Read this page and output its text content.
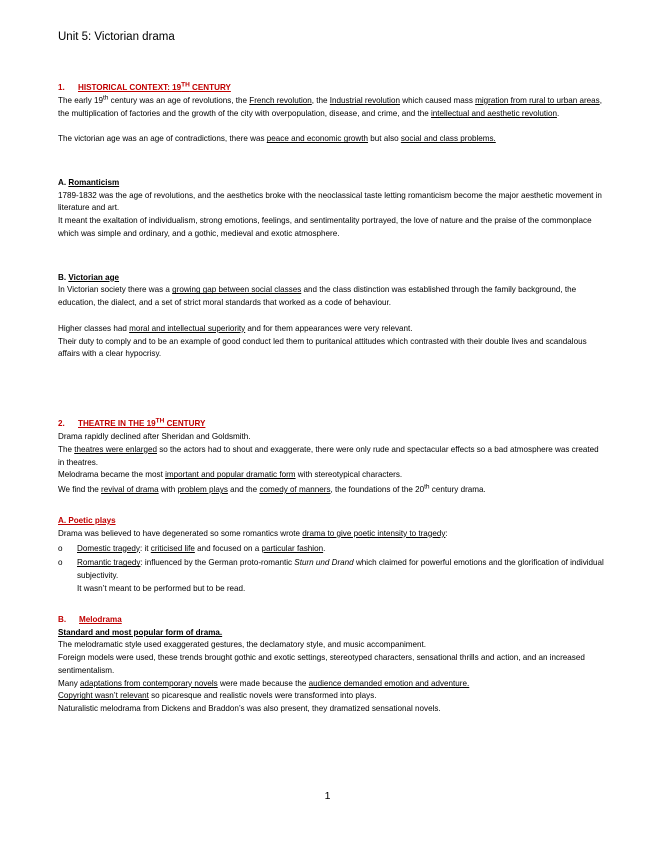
Unit 5: Victorian drama

1. HISTORICAL CONTEXT: 19TH CENTURY

The early 19th century was an age of revolutions, the French revolution, the Industrial revolution which caused mass migration from rural to urban areas, the multiplication of factories and the growth of the city with overpopulation, disease, and crime, and the intellectual and aesthetic revolution.

The victorian age was an age of contradictions, there was peace and economic growth but also social and class problems.

A. Romanticism

1789-1832 was the age of revolutions, and the aesthetics broke with the neoclassical taste letting romanticism become the major aesthetic movement in literature and art.

It meant the exaltation of individualism, strong emotions, feelings, and sentimentality portrayed, the love of nature and the praise of the commonplace which was simple and ordinary, and a gothic, medieval and exotic atmosphere.

B. Victorian age

In Victorian society there was a growing gap between social classes and the class distinction was established through the family background, the education, the dialect, and a set of strict moral standards that worked as a code of behaviour.

Higher classes had moral and intellectual superiority and for them appearances were very relevant.

Their duty to comply and to be an example of good conduct led them to puritanical attitudes which contrasted with their double lives and scandalous affairs with a clear hypocrisy.

2. THEATRE IN THE 19TH CENTURY

Drama rapidly declined after Sheridan and Goldsmith.

The theatres were enlarged so the actors had to shout and exaggerate, there were only rude and spectacular effects so a bad atmosphere was created in theatres.

Melodrama became the most important and popular dramatic form with stereotypical characters.

We find the revival of drama with problem plays and the comedy of manners, the foundations of the 20th century drama.

A. Poetic plays

Drama was believed to have degenerated so some romantics wrote drama to give poetic intensity to tragedy:

o Domestic tragedy: it criticised life and focused on a particular fashion.
o Romantic tragedy: influenced by the German proto-romantic Sturn und Drand which claimed for powerful emotions and the glorification of individual subjectivity.
It wasn’t meant to be performed but to be read.

B. Melodrama

Standard and most popular form of drama.

The melodramatic style used exaggerated gestures, the declamatory style, and music accompaniment.

Foreign models were used, these trends brought gothic and exotic settings, stereotyped characters, sensational thrills and action, and an increased sentimentalism.

Many adaptations from contemporary novels were made because the audience demanded emotion and adventure.

Copyright wasn’t relevant so picaresque and realistic novels were transformed into plays.

Naturalistic melodrama from Dickens and Braddon’s was also present, they dramatized sensational novels.

1
